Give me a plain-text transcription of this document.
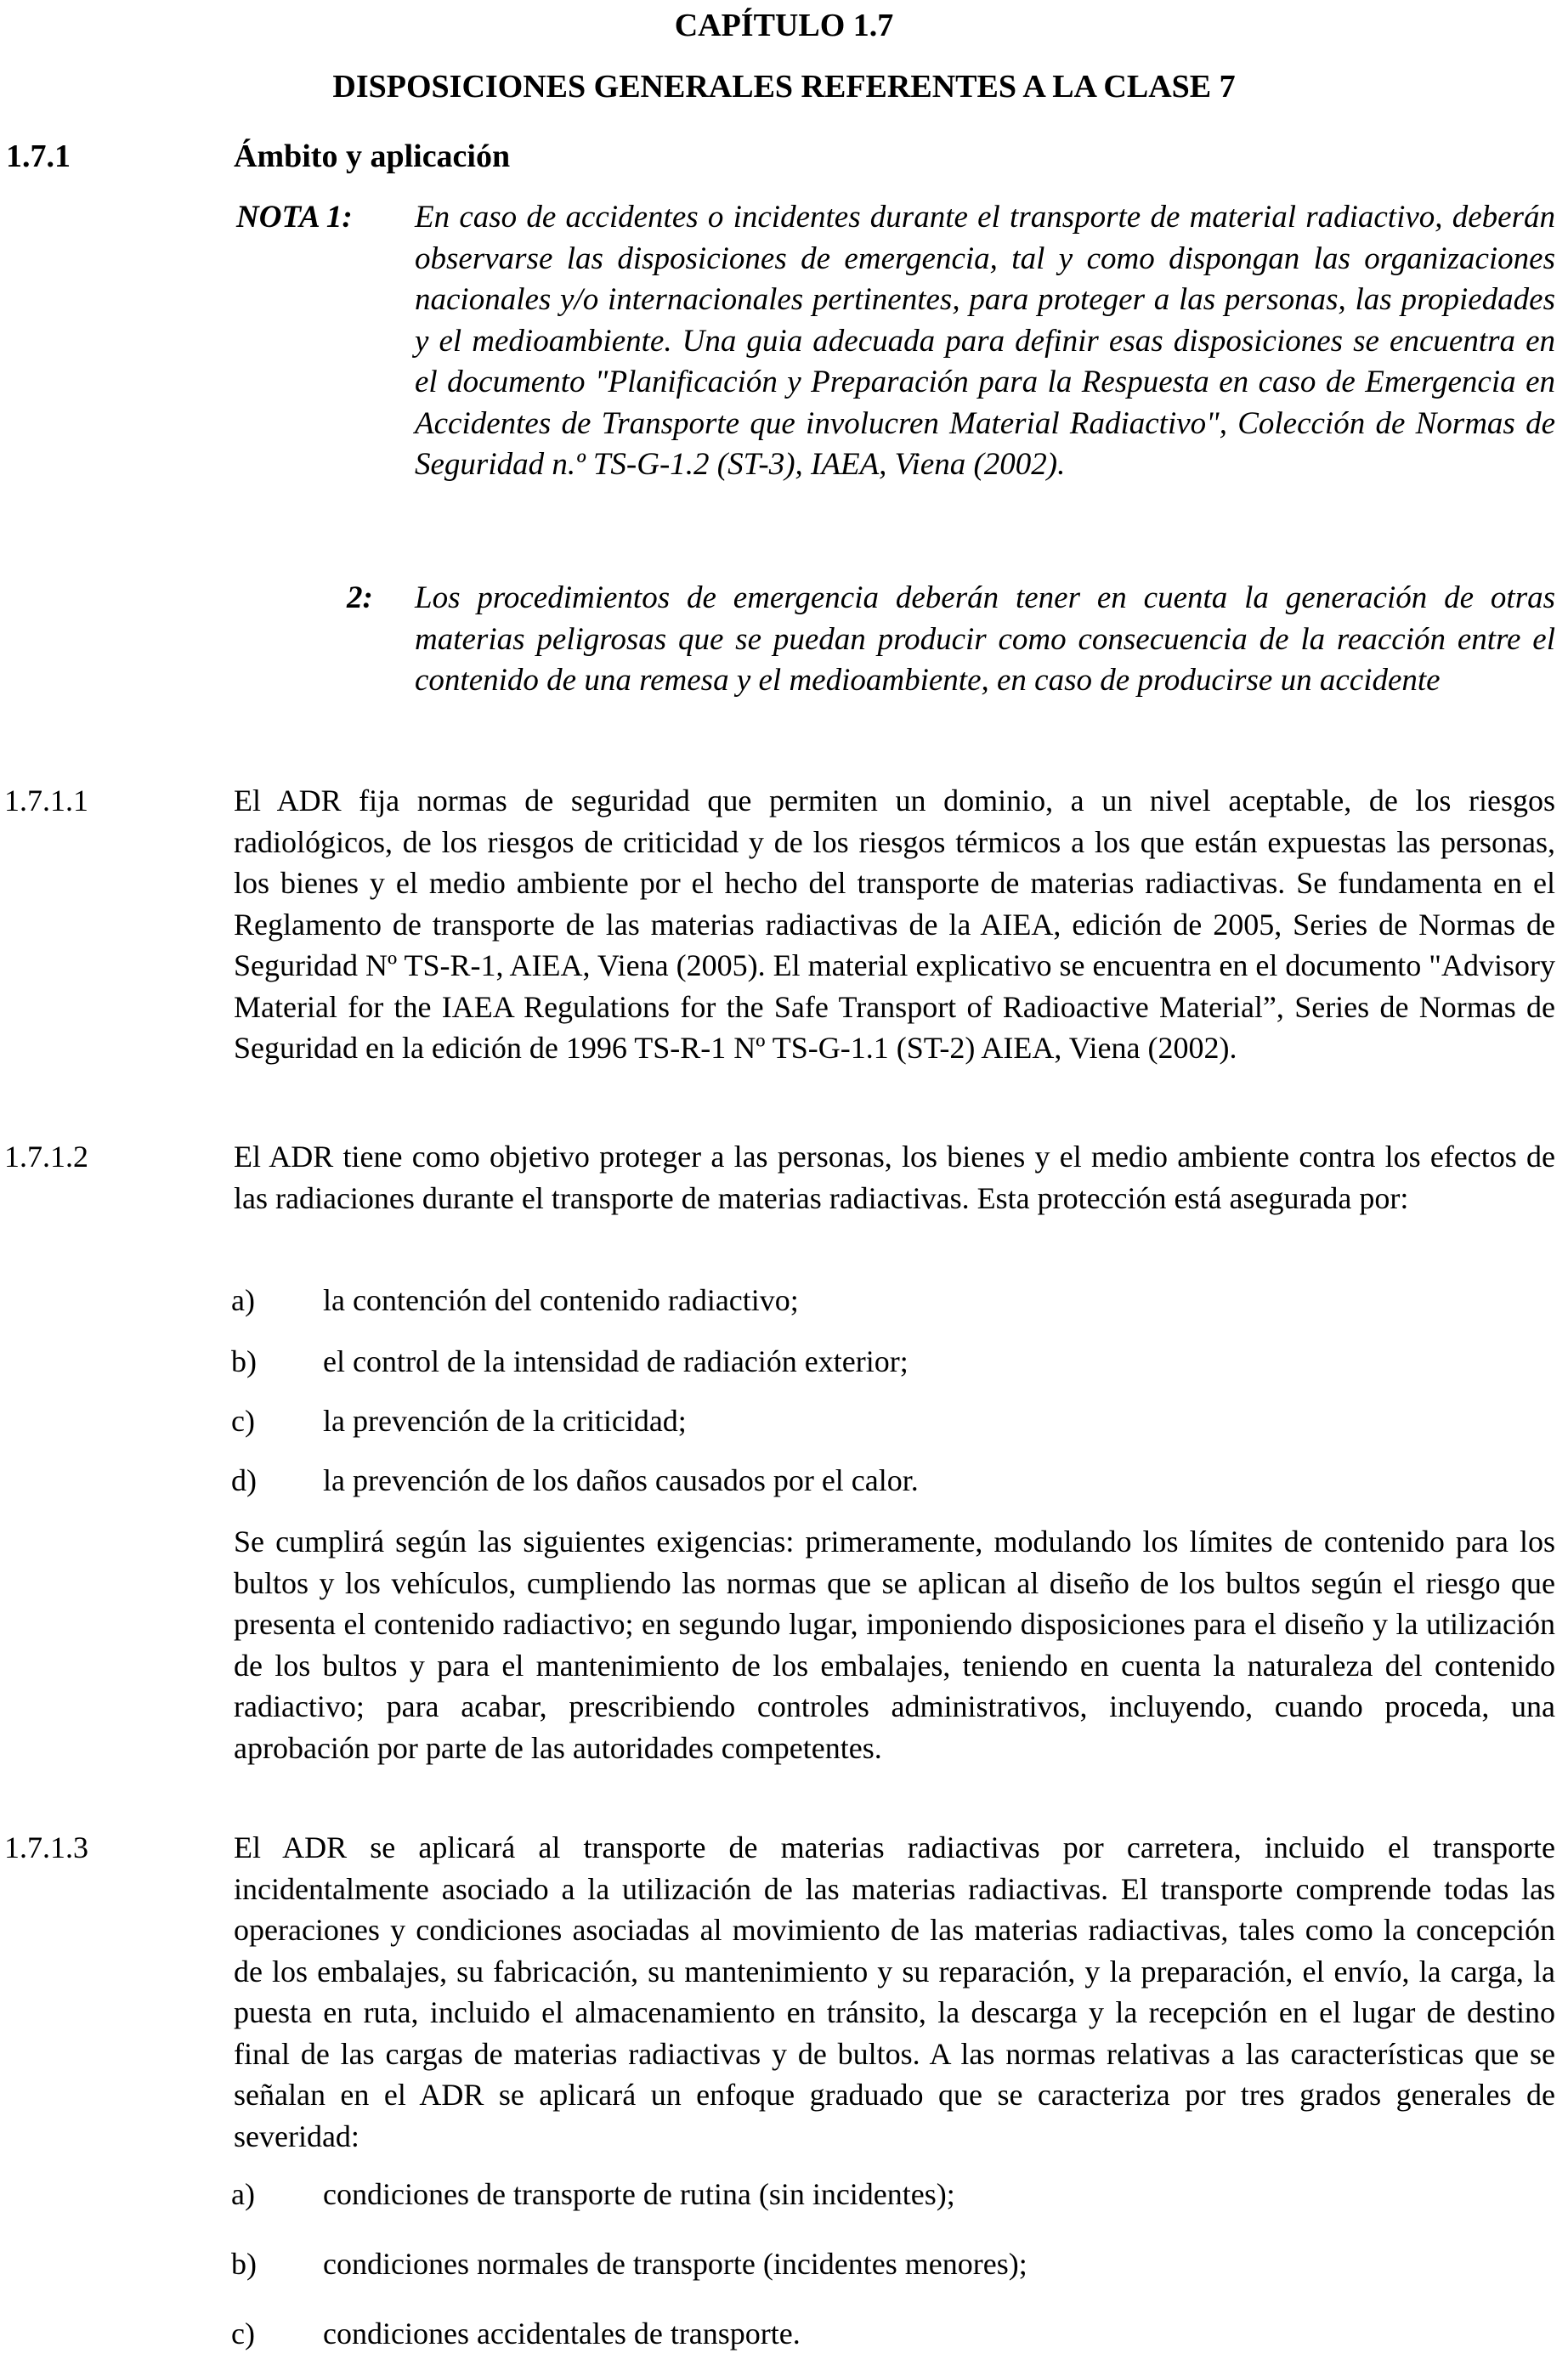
CAPÍTULO 1.7
DISPOSICIONES GENERALES REFERENTES A LA CLASE 7
1.7.1	Ámbito y aplicación
NOTA 1: En caso de accidentes o incidentes durante el transporte de material radiactivo, deberán observarse las disposiciones de emergencia, tal y como dispongan las organizaciones nacionales y/o internacionales pertinentes, para proteger a las personas, las propiedades y el medioambiente. Una guia adecuada para definir esas disposiciones se encuentra en el documento "Planificación y Preparación para la Respuesta en caso de Emergencia en Accidentes de Transporte que involucren Material Radiactivo", Colección de Normas de Seguridad n.º TS-G-1.2 (ST-3), IAEA, Viena (2002).
2: Los procedimientos de emergencia deberán tener en cuenta la generación de otras materias peligrosas que se puedan producir como consecuencia de la reacción entre el contenido de una remesa y el medioambiente, en caso de producirse un accidente
1.7.1.1	El ADR fija normas de seguridad que permiten un dominio, a un nivel aceptable, de los riesgos radiológicos, de los riesgos de criticidad y de los riesgos térmicos a los que están expuestas las personas, los bienes y el medio ambiente por el hecho del transporte de materias radiactivas. Se fundamenta en el Reglamento de transporte de las materias radiactivas de la AIEA, edición de 2005, Series de Normas de Seguridad Nº TS-R-1, AIEA, Viena (2005). El material explicativo se encuentra en el documento "Advisory Material for the IAEA Regulations for the Safe Transport of Radioactive Material”, Series de Normas de Seguridad en la edición de 1996 TS-R-1 Nº TS-G-1.1 (ST-2) AIEA, Viena (2002).
1.7.1.2	El ADR tiene como objetivo proteger a las personas, los bienes y el medio ambiente contra los efectos de las radiaciones durante el transporte de materias radiactivas. Esta protección está asegurada por:
a) la contención del contenido radiactivo;
b) el control de la intensidad de radiación exterior;
c) la prevención de la criticidad;
d) la prevención de los daños causados por el calor.
Se cumplirá según las siguientes exigencias: primeramente, modulando los límites de contenido para los bultos y los vehículos, cumpliendo las normas que se aplican al diseño de los bultos según el riesgo que presenta el contenido radiactivo; en segundo lugar, imponiendo disposiciones para el diseño y la utilización de los bultos y para el mantenimiento de los embalajes, teniendo en cuenta la naturaleza del contenido radiactivo; para acabar, prescribiendo controles administrativos, incluyendo, cuando proceda, una aprobación por parte de las autoridades competentes.
1.7.1.3	El ADR se aplicará al transporte de materias radiactivas por carretera, incluido el transporte incidentalmente asociado a la utilización de las materias radiactivas. El transporte comprende todas las operaciones y condiciones asociadas al movimiento de las materias radiactivas, tales como la concepción de los embalajes, su fabricación, su mantenimiento y su reparación, y la preparación, el envío, la carga, la puesta en ruta, incluido el almacenamiento en tránsito, la descarga y la recepción en el lugar de destino final de las cargas de materias radiactivas y de bultos. A las normas relativas a las características que se señalan en el ADR se aplicará un enfoque graduado que se caracteriza por tres grados generales de severidad:
a) condiciones de transporte de rutina (sin incidentes);
b) condiciones normales de transporte (incidentes menores);
c) condiciones accidentales de transporte.
